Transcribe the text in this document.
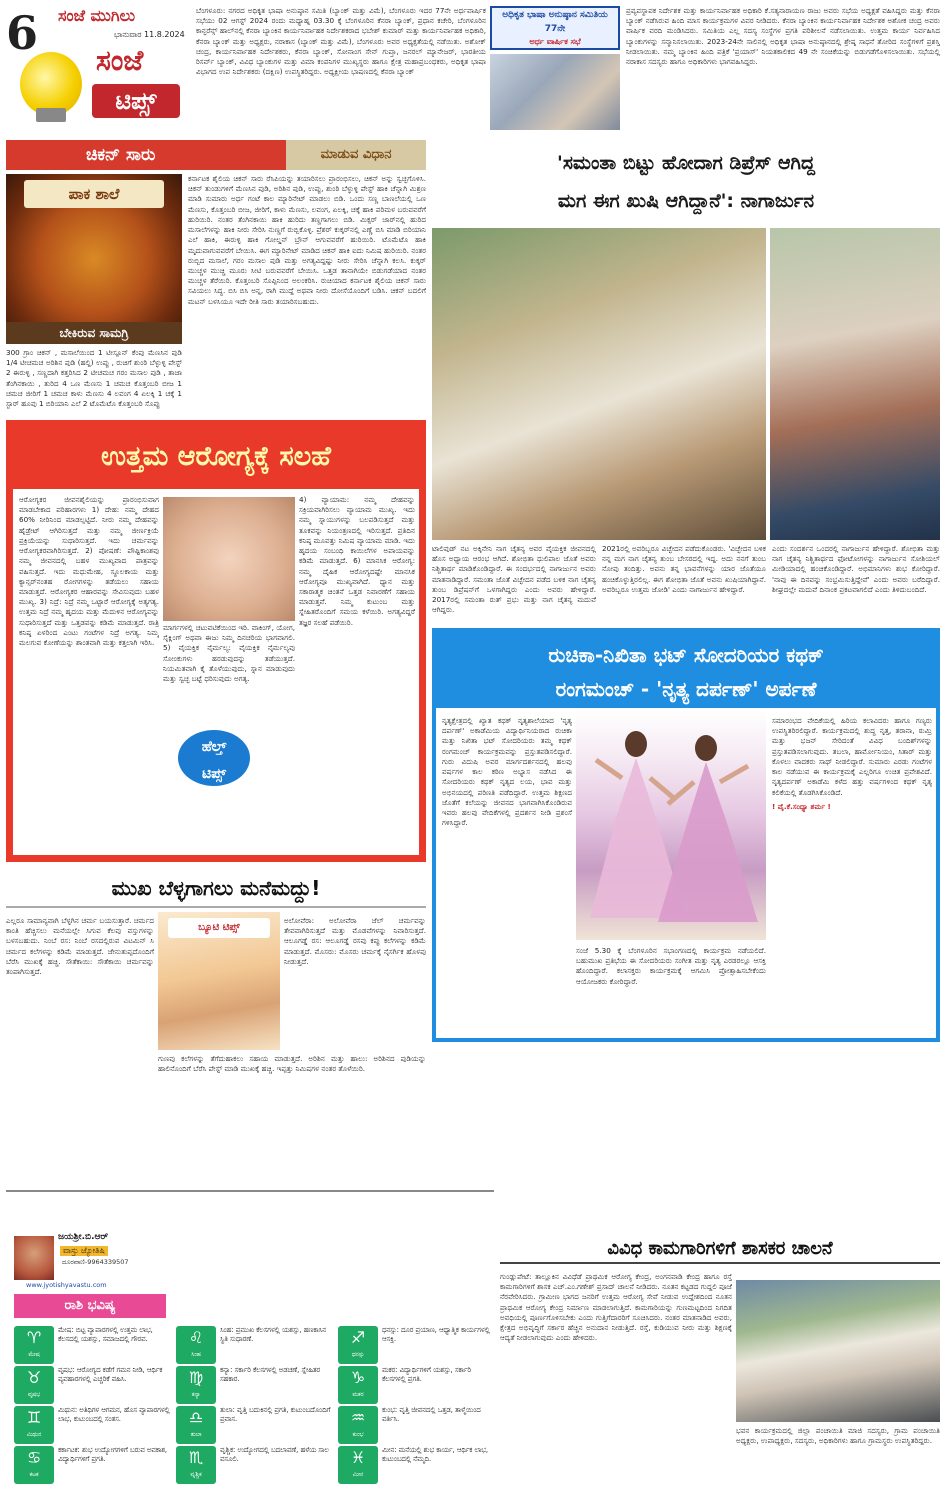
6 ಸಂಜೆ ಮುಗಿಲು
ಭಾನುವಾರ 11.8.2024
ಸಂಜೆ
ಟಿಪ್ಸ್
ಬೆಂಗಳೂರು: ನಗರದ ಅಧಿಕೃತ ಭಾಷಾ ಅನುಷ್ಠಾನ ಸಮಿತಿ (ಬ್ಯಾಂಕ್ ಮತ್ತು ವಿಮೆ), ಬೆಂಗಳೂರು ಇದರ 77ನೇ ಅರ್ಧವಾರ್ಷಿಕ ಸಭೆಯು 02 ಆಗಸ್ಟ್ 2024 ರಂದು ಮಧ್ಯಾಹ್ನ 03.30 ಕ್ಕೆ ಬೆಂಗಳೂರಿನ ಕೆನರಾ ಬ್ಯಾಂಕ್, ಪ್ರಧಾನ ಕಚೇರಿ, ಬೆಂಗಳೂರಿನ ಕಾನ್ಫರೆನ್ಸ್ ಹಾಲ್‌ನಲ್ಲಿ ಕೆನರಾ ಬ್ಯಾಂಕಿನ ಕಾರ್ಯನಿರ್ವಾಹಕ ನಿರ್ದೇಶಕರಾದ ಭಬೇಶ್ ಕುಮಾರ್ ಮತ್ತು ಕಾರ್ಯನಿರ್ವಾಹಕ ಅಧಿಕಾರಿ, ಕೆನರಾ ಬ್ಯಾಂಕ್ ಮತ್ತು ಅಧ್ಯಕ್ಷರು, ನರಾಕಾಸ (ಬ್ಯಾಂಕ್ ಮತ್ತು ವಿಮೆ), ಬೆಂಗಳೂರು ಅವರ ಅಧ್ಯಕ್ಷತೆಯಲ್ಲಿ ನಡೆಯಿತು. ಅಶೋಕ್ ಚಂದ್ರ, ಕಾರ್ಯನಿರ್ವಾಹಕ ನಿರ್ದೇಶಕರು, ಕೆನರಾ ಬ್ಯಾಂಕ್, ಸೋನಾಂಗ ಸೇನ್ ಗುಪ್ತಾ, ಜನರಲ್ ಮ್ಯಾನೇಜರ್, ಭಾರತೀಯ ರಿಸರ್ವ್ ಬ್ಯಾಂಕ್, ವಿವಿಧ ಬ್ಯಾಂಕುಗಳ ಮತ್ತು ವಿಮಾ ಕಂಪನಿಗಳ ಮುಖ್ಯಸ್ಥರು ಹಾಗೂ ಕ್ಷೇತ್ರ ಮಹಾಪ್ರಬಂಧಕರು, ಅಧಿಕೃತ ಭಾಷಾ ವಿಭಾಗದ ಉಪ ನಿರ್ದೇಶಕರು (ದಕ್ಷಿಣ) ಉಪಸ್ಥಿತರಿದ್ದರು. ಅಧ್ಯಕ್ಷೀಯ ಭಾಷಣದಲ್ಲಿ ಕೆನರಾ ಬ್ಯಾಂಕ್
ಅಧಿಕೃತ ಭಾಷಾ ಅನುಷ್ಠಾನ ಸಮಿತಿಯ 77ನೇ
ಅರ್ಧ ವಾರ್ಷಿಕ ಸಭೆ
ಪ್ರವ್ಯವಸ್ಥಾಪಕ ನಿರ್ದೇಶಕ ಮತ್ತು ಕಾರ್ಯನಿರ್ವಾಹಕ ಅಧಿಕಾರಿ ಕೆ.ಸತ್ಯನಾರಾಯಣ ರಾಜು ಅವರು ಸಭೆಯ ಅಧ್ಯಕ್ಷತೆ ವಹಿಸಿದ್ದರು ಮತ್ತು ಕೆನರಾ ಬ್ಯಾಂಕ್ ನಡೆಸಿರುವ ಹಿಂದಿ ಮಾಸ ಕಾರ್ಯಕ್ರಮಗಳ ವಿವರ ನೀಡಿದರು. ಕೆನರಾ ಬ್ಯಾಂಕಿನ ಕಾರ್ಯನಿರ್ವಾಹಕ ನಿರ್ದೇಶಕ ಅಶೋಕ ಚಂದ್ರ ಅವರು ವಾರ್ಷಿಕ ವರದಿ ಮಂಡಿಸಿದರು. ಸಮಿತಿಯ ಎಲ್ಲ ಸದಸ್ಯ ಸಂಸ್ಥೆಗಳ ಪ್ರಗತಿ ಪರಿಶೀಲನೆ ನಡೆಸಲಾಯಿತು. ಉತ್ತಮ ಕಾರ್ಯ ನಿರ್ವಹಿಸಿದ ಬ್ಯಾಂಕುಗಳನ್ನು ಸನ್ಮಾನಿಸಲಾಯಿತು. 2023-24ನೇ ಸಾಲಿನಲ್ಲಿ ಅಧಿಕೃತ ಭಾಷಾ ಅನುಷ್ಠಾನದಲ್ಲಿ ಶ್ರೇಷ್ಠ ಸಾಧನೆ ತೋರಿದ ಸಂಸ್ಥೆಗಳಿಗೆ ಪ್ರಶಸ್ತಿ ನೀಡಲಾಯಿತು. ನಮ್ಮ ಬ್ಯಾಂಕಿನ ಹಿಂದಿ ಪತ್ರಿಕೆ 'ಪ್ರಯಾಸ್' ನಿಯತಕಾಲಿಕದ 49 ನೇ ಸಂಚಿಕೆಯನ್ನು ಬಿಡುಗಡೆಗೊಳಿಸಲಾಯಿತು. ಸಭೆಯಲ್ಲಿ ನರಾಕಾಸ ಸದಸ್ಯರು ಹಾಗೂ ಅಧಿಕಾರಿಗಳು ಭಾಗವಹಿಸಿದ್ದರು.
ಚಿಕನ್ ಸಾರು	ಮಾಡುವ ವಿಧಾನ
ಪಾಕ ಶಾಲೆ
ಬೇಕಿರುವ ಸಾಮಗ್ರಿ
300 ಗ್ರಾಂ ಚಿಕನ್ , ಮಸಾಲೆಯಿಂದ 1 ಟೀಸ್ಪೂನ್ ಕೆಂಪು ಮೆಣಸಿನ ಪುಡಿ 1/4 ಟೀಚಮಚ ಅರಿಶಿನ ಪುಡಿ (ಹಲ್ದಿ) ಉಪ್ಪು , ರುಚಿಗೆ ಶುಂಠಿ ಬೆಳ್ಳುಳ್ಳಿ ಪೇಸ್ಟ್ 2 ಈರುಳ್ಳಿ , ಸಣ್ಣದಾಗಿ ಕತ್ತರಿಸಿದ 2 ಟೀಚಮಚ ಗರಂ ಮಸಾಲ ಪುಡಿ , ತಾಜಾ ತೆಂಗಿನಕಾಯಿ , ತುರಿದ 4 ಒಣ ಮೆಣಸು 1 ಚಮಚ ಕೊತ್ತಂಬರಿ ಬೀಜ 1 ಚಮಚ ಜೀರಿಗೆ 1 ಚಮಚ ಕಾಳು ಮೆಣಸು 4 ಲವಂಗ 4 ಏಲಕ್ಕಿ 1 ಚಕ್ಕೆ 1 ಸ್ಟಾರ್ ಹೂವು 1 ಬಿರಿಯಾನಿ ಎಲೆ 2 ಟೊಮೆಟೊ ಕೊತ್ತಂಬರಿ ಸೊಪ್ಪು
ಕರ್ನಾಟಕ ಶೈಲಿಯ ಚಿಕನ್ ಸಾರು ರೆಸಿಪಿಯನ್ನು ತಯಾರಿಸಲು ಪ್ರಾರಂಭಿಸಲು, ಚಿಕನ್ ಅನ್ನು ಸ್ವಚ್ಛಗೊಳಿಸಿ. ಚಿಕನ್ ತುಂಡುಗಳಿಗೆ ಮೆಣಸಿನ ಪುಡಿ, ಅರಿಶಿನ ಪುಡಿ, ಉಪ್ಪು, ಶುಂಠಿ ಬೆಳ್ಳುಳ್ಳಿ ಪೇಸ್ಟ್ ಹಾಕಿ ಚೆನ್ನಾಗಿ ಮಿಶ್ರಣ ಮಾಡಿ ಸುಮಾರು ಅರ್ಧ ಗಂಟೆ ಕಾಲ ಮ್ಯಾರಿನೇಟ್ ಮಾಡಲು ಬಿಡಿ. ಒಂದು ಸಣ್ಣ ಬಾಣಲೆಯಲ್ಲಿ ಒಣ ಮೆಣಸು, ಕೊತ್ತಂಬರಿ ಬೀಜ, ಜೀರಿಗೆ, ಕಾಳು ಮೆಣಸು, ಲವಂಗ, ಏಲಕ್ಕಿ, ಚಕ್ಕೆ ಹಾಕಿ ಪರಿಮಳ ಬರುವವರೆಗೆ ಹುರಿಯಿರಿ. ನಂತರ ತೆಂಗಿನಕಾಯಿ ಹಾಕಿ ಹುರಿದು ತಣ್ಣಗಾಗಲು ಬಿಡಿ. ಮಿಕ್ಸರ್ ಜಾರ್‌ನಲ್ಲಿ ಹುರಿದ ಮಸಾಲೆಗಳನ್ನು ಹಾಕಿ ನೀರು ಸೇರಿಸಿ ನುಣ್ಣಗೆ ರುಬ್ಬಿಕೊಳ್ಳಿ. ಪ್ರೆಶರ್ ಕುಕ್ಕರ್‌ನಲ್ಲಿ ಎಣ್ಣೆ ಬಿಸಿ ಮಾಡಿ ಬಿರಿಯಾನಿ ಎಲೆ ಹಾಕಿ, ಈರುಳ್ಳಿ ಹಾಕಿ ಗೋಲ್ಡನ್ ಬ್ರೌನ್ ಆಗುವವರೆಗೆ ಹುರಿಯಿರಿ. ಟೊಮೆಟೊ ಹಾಕಿ ಮೃದುವಾಗುವವರೆಗೆ ಬೇಯಿಸಿ. ಈಗ ಮ್ಯಾರಿನೇಟ್ ಮಾಡಿದ ಚಿಕನ್ ಹಾಕಿ ಐದು ನಿಮಿಷ ಹುರಿಯಿರಿ. ನಂತರ ರುಬ್ಬಿದ ಮಸಾಲೆ, ಗರಂ ಮಸಾಲ ಪುಡಿ ಮತ್ತು ಅಗತ್ಯವಿದ್ದಷ್ಟು ನೀರು ಸೇರಿಸಿ ಚೆನ್ನಾಗಿ ಕಲಸಿ. ಕುಕ್ಕರ್ ಮುಚ್ಚಳ ಮುಚ್ಚಿ ಮೂರು ಸೀಟಿ ಬರುವವರೆಗೆ ಬೇಯಿಸಿ. ಒತ್ತಡ ತಾನಾಗಿಯೇ ಬಿಡುಗಡೆಯಾದ ನಂತರ ಮುಚ್ಚಳ ತೆರೆಯಿರಿ. ಕೊತ್ತಂಬರಿ ಸೊಪ್ಪಿನಿಂದ ಅಲಂಕರಿಸಿ. ರುಚಿಯಾದ ಕರ್ನಾಟಕ ಶೈಲಿಯ ಚಿಕನ್ ಸಾರು ಸವಿಯಲು ಸಿದ್ಧ. ಬಿಸಿ ಬಿಸಿ ಅನ್ನ, ರಾಗಿ ಮುದ್ದೆ ಅಥವಾ ನೀರು ದೋಸೆಯೊಂದಿಗೆ ಬಡಿಸಿ. ಚಿಕನ್ ಬದಲಿಗೆ ಮಟನ್ ಬಳಸಿಯೂ ಇದೇ ರೀತಿ ಸಾರು ತಯಾರಿಸಬಹುದು.
'ಸಮಂತಾ ಬಿಟ್ಟು ಹೋದಾಗ ಡಿಪ್ರೆಸ್ ಆಗಿದ್ದ
ಮಗ ಈಗ ಖುಷಿ ಆಗಿದ್ದಾನೆ': ನಾಗಾರ್ಜುನ
ಟಾಲಿವುಡ್ ನಟ ಅಕ್ಕಿನೇನಿ ನಾಗ ಚೈತನ್ಯ ಅವರ ವೈಯಕ್ತಿಕ ಜೀವನದಲ್ಲಿ ಹೊಸ ಅಧ್ಯಾಯ ಆರಂಭ ಆಗಿದೆ. ಶೋಭಿತಾ ಧುಲಿಪಾಲ ಜೊತೆ ಅವರು ನಿಶ್ಚಿತಾರ್ಥ ಮಾಡಿಕೊಂಡಿದ್ದಾರೆ. ಈ ಸಂದರ್ಭದಲ್ಲಿ ನಾಗಾರ್ಜುನ ಅವರು ಮಾತನಾಡಿದ್ದಾರೆ. ಸಮಂತಾ ಜೊತೆ ವಿಚ್ಛೇದನ ಪಡೆದ ಬಳಿಕ ನಾಗ ಚೈತನ್ಯ ತುಂಬ ಡಿಪ್ರೆಷನ್‌ಗೆ ಒಳಗಾಗಿದ್ದರು ಎಂದು ಅವರು ಹೇಳಿದ್ದಾರೆ. 2017ರಲ್ಲಿ ಸಮಂತಾ ರುತ್ ಪ್ರಭು ಮತ್ತು ನಾಗ ಚೈತನ್ಯ ಮದುವೆ ಆಗಿದ್ದರು.
2021ರಲ್ಲಿ ಅವರಿಬ್ಬರೂ ವಿಚ್ಛೇದನ ಪಡೆದುಕೊಂಡರು. 'ವಿಚ್ಛೇದನ ಬಳಿಕ ನನ್ನ ಮಗ ನಾಗ ಚೈತನ್ಯ ತುಂಬ ಬೇಸರದಲ್ಲಿ ಇದ್ದ. ಅದು ನನಗೆ ತುಂಬ ನೋವು ತಂದಿತ್ತು. ಅವನು ತನ್ನ ಭಾವನೆಗಳನ್ನು ಯಾರ ಜೊತೆಯೂ ಹಂಚಿಕೊಳ್ಳುತ್ತಿರಲಿಲ್ಲ. ಈಗ ಶೋಭಿತಾ ಜೊತೆ ಅವನು ಖುಷಿಯಾಗಿದ್ದಾನೆ. ಅವರಿಬ್ಬರೂ ಉತ್ತಮ ಜೋಡಿ' ಎಂದು ನಾಗಾರ್ಜುನ ಹೇಳಿದ್ದಾರೆ.
ಎಂದು ಸಂದರ್ಶನ ಒಂದರಲ್ಲಿ ನಾಗಾರ್ಜುನ ಹೇಳಿದ್ದಾರೆ. ಶೋಭಿತಾ ಮತ್ತು ನಾಗ ಚೈತನ್ಯ ನಿಶ್ಚಿತಾರ್ಥದ ಫೋಟೋಗಳನ್ನು ನಾಗಾರ್ಜುನ ಸೋಶಿಯಲ್ ಮೀಡಿಯಾದಲ್ಲಿ ಹಂಚಿಕೊಂಡಿದ್ದಾರೆ. ಅಭಿಮಾನಿಗಳು ಶುಭ ಕೋರಿದ್ದಾರೆ. 'ನಾವು ಈ ದಿನವನ್ನು ಸಂಭ್ರಮಿಸುತ್ತಿದ್ದೇವೆ' ಎಂದು ಅವರು ಬರೆದಿದ್ದಾರೆ. ಶೀಘ್ರದಲ್ಲೇ ಮದುವೆ ದಿನಾಂಕ ಪ್ರಕಟವಾಗಲಿದೆ ಎಂದು ತಿಳಿದುಬಂದಿದೆ.
ಉತ್ತಮ ಆರೋಗ್ಯಕ್ಕೆ ಸಲಹೆ
ಆರೋಗ್ಯಕರ ಜೀವನಶೈಲಿಯನ್ನು ಪ್ರಾರಂಭಿಸುವಾಗ ಮಾಡಬೇಕಾದ ಪರಿಹಾರಗಳು 1) ದೇಹ: ನಮ್ಮ ದೇಹದ 60% ನೀರಿನಿಂದ ಮಾಡಲ್ಪಟ್ಟಿದೆ. ನೀರು ನಮ್ಮ ದೇಹವನ್ನು ಹೈಡ್ರೇಟ್ ಆಗಿರಿಸುತ್ತದೆ ಮತ್ತು ನಮ್ಮ ಜೀರ್ಣಕ್ರಿಯೆ ಪ್ರಕ್ರಿಯೆಯನ್ನು ಸುಧಾರಿಸುತ್ತದೆ. ಇದು ಚರ್ಮವನ್ನು ಆರೋಗ್ಯಕರವಾಗಿರಿಸುತ್ತದೆ. 2) ಪೋಷಣೆ: ಪೌಷ್ಟಿಕಾಂಶವು ನಮ್ಮ ಜೀವನದಲ್ಲಿ ಬಹಳ ಮುಖ್ಯವಾದ ಪಾತ್ರವನ್ನು ವಹಿಸುತ್ತದೆ. ಇದು ಮಧುಮೇಹ, ಸ್ಥೂಲಕಾಯ ಮತ್ತು ಕ್ಯಾನ್ಸರ್‌ನಂತಹ ರೋಗಗಳನ್ನು ತಡೆಯಲು ಸಹಾಯ ಮಾಡುತ್ತದೆ. ಆರೋಗ್ಯಕರ ಆಹಾರವನ್ನು ಸೇವಿಸುವುದು ಬಹಳ ಮುಖ್ಯ. 3) ನಿದ್ರೆ: ನಿದ್ರೆ ನಮ್ಮ ಒಟ್ಟಾರೆ ಆರೋಗ್ಯಕ್ಕೆ ಅತ್ಯಗತ್ಯ. ಉತ್ತಮ ನಿದ್ರೆ ನಮ್ಮ ಹೃದಯ ಮತ್ತು ಮೆದುಳಿನ ಆರೋಗ್ಯವನ್ನು ಸುಧಾರಿಸುತ್ತದೆ ಮತ್ತು ಒತ್ತಡವನ್ನು ಕಡಿಮೆ ಮಾಡುತ್ತದೆ. ರಾತ್ರಿ ಕನಿಷ್ಠ ಏಳರಿಂದ ಎಂಟು ಗಂಟೆಗಳ ನಿದ್ರೆ ಅಗತ್ಯ. ನಿಮ್ಮ ಮಲಗುವ ಕೋಣೆಯನ್ನು ಶಾಂತವಾಗಿ ಮತ್ತು ಕತ್ತಲಾಗಿ ಇರಿಸಿ.
ಮಾರ್ಗಗಳಲ್ಲಿ ಚಟುವಟಿಕೆಯಿಂದ ಇರಿ. ವಾಕಿಂಗ್, ಯೋಗ, ಸೈಕ್ಲಿಂಗ್ ಅಥವಾ ಈಜು ನಿಮ್ಮ ದಿನಚರಿಯ ಭಾಗವಾಗಲಿ. 5) ವೈಯಕ್ತಿಕ ನೈರ್ಮಲ್ಯ: ವೈಯಕ್ತಿಕ ನೈರ್ಮಲ್ಯವು ಸೋಂಕುಗಳು ಹರಡುವುದನ್ನು ತಡೆಯುತ್ತದೆ. ನಿಯಮಿತವಾಗಿ ಕೈ ತೊಳೆಯುವುದು, ಸ್ನಾನ ಮಾಡುವುದು ಮತ್ತು ಸ್ವಚ್ಛ ಬಟ್ಟೆ ಧರಿಸುವುದು ಅಗತ್ಯ.
ಹೆಲ್ತ್
ಟಿಪ್ಸ್
4) ವ್ಯಾಯಾಮ: ನಮ್ಮ ದೇಹವನ್ನು ಸಕ್ರಿಯವಾಗಿರಿಸಲು ವ್ಯಾಯಾಮ ಮುಖ್ಯ. ಇದು ನಮ್ಮ ಸ್ನಾಯುಗಳನ್ನು ಬಲಪಡಿಸುತ್ತದೆ ಮತ್ತು ತೂಕವನ್ನು ನಿಯಂತ್ರಣದಲ್ಲಿ ಇರಿಸುತ್ತದೆ. ಪ್ರತಿದಿನ ಕನಿಷ್ಠ ಮೂವತ್ತು ನಿಮಿಷ ವ್ಯಾಯಾಮ ಮಾಡಿ. ಇದು ಹೃದಯ ಸಂಬಂಧಿ ಕಾಯಿಲೆಗಳ ಅಪಾಯವನ್ನು ಕಡಿಮೆ ಮಾಡುತ್ತದೆ. 6) ಮಾನಸಿಕ ಆರೋಗ್ಯ: ನಮ್ಮ ದೈಹಿಕ ಆರೋಗ್ಯದಷ್ಟೇ ಮಾನಸಿಕ ಆರೋಗ್ಯವೂ ಮುಖ್ಯವಾಗಿದೆ. ಧ್ಯಾನ ಮತ್ತು ಸಕಾರಾತ್ಮಕ ಚಿಂತನೆ ಒತ್ತಡ ನಿವಾರಣೆಗೆ ಸಹಾಯ ಮಾಡುತ್ತವೆ. ನಿಮ್ಮ ಕುಟುಂಬ ಮತ್ತು ಸ್ನೇಹಿತರೊಂದಿಗೆ ಸಮಯ ಕಳೆಯಿರಿ. ಅಗತ್ಯವಿದ್ದರೆ ತಜ್ಞರ ಸಲಹೆ ಪಡೆಯಿರಿ.
ರುಚಿಕಾ-ನಿಖಿತಾ ಭಟ್ ಸೋದರಿಯರ ಕಥಕ್
ರಂಗಮಂಚ್ - 'ನೃತ್ಯ ದರ್ಪಣ್' ಅರ್ಪಣೆ
ನೃತ್ಯಕ್ಷೇತ್ರದಲ್ಲಿ ಖ್ಯಾತ ಕಥಕ್ ನೃತ್ಯಶಾಲೆಯಾದ 'ನೃತ್ಯ ದರ್ಪಣ್' ಅಕಾಡೆಮಿಯ ವಿದ್ಯಾರ್ಥಿನಿಯರಾದ ರುಚಿಕಾ ಮತ್ತು ನಿಖಿತಾ ಭಟ್ ಸೋದರಿಯರು ತಮ್ಮ ಕಥಕ್ ರಂಗಮಂಚ್ ಕಾರ್ಯಕ್ರಮವನ್ನು ಪ್ರಸ್ತುತಪಡಿಸಲಿದ್ದಾರೆ. ಗುರು ವಿದುಷಿ ಅವರ ಮಾರ್ಗದರ್ಶನದಲ್ಲಿ ಹಲವು ವರ್ಷಗಳ ಕಾಲ ಕಠಿಣ ಅಭ್ಯಾಸ ನಡೆಸಿದ ಈ ಸೋದರಿಯರು ಕಥಕ್ ನೃತ್ಯದ ಲಯ, ಭಾವ ಮತ್ತು ಅಭಿನಯದಲ್ಲಿ ಪರಿಣತಿ ಪಡೆದಿದ್ದಾರೆ. ಉತ್ತಮ ಶಿಕ್ಷಣದ ಜೊತೆಗೆ ಕಲೆಯನ್ನು ಜೀವನದ ಭಾಗವಾಗಿಸಿಕೊಂಡಿರುವ ಇವರು ಹಲವು ವೇದಿಕೆಗಳಲ್ಲಿ ಪ್ರದರ್ಶನ ನೀಡಿ ಪ್ರಶಂಸೆ ಗಳಿಸಿದ್ದಾರೆ.
ಸಂಜೆ 5.30 ಕ್ಕೆ ಬೆಂಗಳೂರಿನ ಸಭಾಂಗಣದಲ್ಲಿ ಕಾರ್ಯಕ್ರಮ ನಡೆಯಲಿದೆ. ಬಹುಮುಖ ಪ್ರತಿಭೆಯ ಈ ಸೋದರಿಯರು ಸಂಗೀತ ಮತ್ತು ನೃತ್ಯ ಎರಡರಲ್ಲೂ ಆಸಕ್ತಿ ಹೊಂದಿದ್ದಾರೆ. ಕಲಾಸಕ್ತರು ಕಾರ್ಯಕ್ರಮಕ್ಕೆ ಆಗಮಿಸಿ ಪ್ರೋತ್ಸಾಹಿಸಬೇಕೆಂದು ಆಯೋಜಕರು ಕೋರಿದ್ದಾರೆ.
ಸಮಾರಂಭದ ವೇದಿಕೆಯಲ್ಲಿ ಹಿರಿಯ ಕಲಾವಿದರು ಹಾಗೂ ಗಣ್ಯರು ಉಪಸ್ಥಿತರಿರಲಿದ್ದಾರೆ. ಕಾರ್ಯಕ್ರಮದಲ್ಲಿ ಶುದ್ಧ ನೃತ್ತ, ತರಾನಾ, ಠುಮ್ರಿ ಮತ್ತು ಭಜನ್ ಸೇರಿದಂತೆ ವಿವಿಧ ಬಂದಿಶ್‌ಗಳನ್ನು ಪ್ರಸ್ತುತಪಡಿಸಲಾಗುವುದು. ತಬಲಾ, ಹಾರ್ಮೋನಿಯಂ, ಸಿತಾರ್ ಮತ್ತು ಕೊಳಲು ವಾದಕರು ಸಾಥ್ ನೀಡಲಿದ್ದಾರೆ. ಸುಮಾರು ಎರಡು ಗಂಟೆಗಳ ಕಾಲ ನಡೆಯುವ ಈ ಕಾರ್ಯಕ್ರಮಕ್ಕೆ ಎಲ್ಲರಿಗೂ ಉಚಿತ ಪ್ರವೇಶವಿದೆ. ನೃತ್ಯದರ್ಪಣ್ ಅಕಾಡೆಮಿ ಕಳೆದ ಹತ್ತು ವರ್ಷಗಳಿಂದ ಕಥಕ್ ನೃತ್ಯ ಕಲಿಕೆಯಲ್ಲಿ ತೊಡಗಿಸಿಕೊಂಡಿದೆ.
! ವೈ.ಕೆ.ಸಂಧ್ಯಾ ಶರ್ಮ !
ಮುಖ ಬೆಳ್ಳಗಾಗಲು ಮನೆಮದ್ದು!
ಎಲ್ಲರೂ ಸಾಮಾನ್ಯವಾಗಿ ಬೆಳ್ಳಗಿನ ಚರ್ಮ ಬಯಸುತ್ತಾರೆ. ಚರ್ಮದ ಕಾಂತಿ ಹೆಚ್ಚಿಸಲು ಮನೆಯಲ್ಲೇ ಸಿಗುವ ಕೆಲವು ವಸ್ತುಗಳನ್ನು ಬಳಸಬಹುದು. ನಿಂಬೆ ರಸ: ನಿಂಬೆ ರಸದಲ್ಲಿರುವ ವಿಟಮಿನ್ ಸಿ ಚರ್ಮದ ಕಲೆಗಳನ್ನು ಕಡಿಮೆ ಮಾಡುತ್ತದೆ. ಜೇನುತುಪ್ಪದೊಂದಿಗೆ ಬೆರೆಸಿ ಮುಖಕ್ಕೆ ಹಚ್ಚಿ. ಸೌತೆಕಾಯಿ: ಸೌತೆಕಾಯಿ ಚರ್ಮವನ್ನು ತಂಪಾಗಿಸುತ್ತದೆ.
ಬ್ಯೂಟಿ ಟಿಪ್ಸ್
ಅಲೋವೆರಾ: ಅಲೋವೆರಾ ಜೆಲ್ ಚರ್ಮವನ್ನು ತೇವವಾಗಿರಿಸುತ್ತದೆ ಮತ್ತು ಮೊಡವೆಗಳನ್ನು ನಿವಾರಿಸುತ್ತದೆ. ಆಲೂಗಡ್ಡೆ ರಸ: ಆಲೂಗಡ್ಡೆ ರಸವು ಕಪ್ಪು ಕಲೆಗಳನ್ನು ಕಡಿಮೆ ಮಾಡುತ್ತದೆ. ಮೊಸರು: ಮೊಸರು ಚರ್ಮಕ್ಕೆ ನೈಸರ್ಗಿಕ ಹೊಳಪು ನೀಡುತ್ತದೆ.
ಗುಣವು ಕಲೆಗಳನ್ನು ತೆಗೆದುಹಾಕಲು ಸಹಾಯ ಮಾಡುತ್ತದೆ. ಅರಿಶಿನ ಮತ್ತು ಹಾಲು: ಅರಿಶಿನದ ಪುಡಿಯನ್ನು ಹಾಲಿನೊಂದಿಗೆ ಬೆರೆಸಿ ಪೇಸ್ಟ್ ಮಾಡಿ ಮುಖಕ್ಕೆ ಹಚ್ಚಿ. ಇಪ್ಪತ್ತು ನಿಮಿಷಗಳ ನಂತರ ತೊಳೆಯಿರಿ.
ಜಯಶ್ರೀ.ಬಿ.ಆರ್
ವಾಸ್ತು ಜ್ಯೋತಿಷಿ
ದೂರವಾಣಿ-9964339507
www.jyotishyavastu.com
ರಾಶಿ ಭವಿಷ್ಯ
♈
ಮೇಷ
ಮೇಷ: ಬಿಟ್ಟ ವ್ಯಾಪಾರಗಳಲ್ಲಿ ಉತ್ತಮ ಲಾಭ, ಕೆಲಸದಲ್ಲಿ ಯಶಸ್ಸು, ಸಮಾಜದಲ್ಲಿ ಗೌರವ.
♉
ವೃಷಭ
ವೃಷಭ: ಆರೋಗ್ಯದ ಕಡೆಗೆ ಗಮನ ನೀಡಿ, ಆರ್ಥಿಕ ವ್ಯವಹಾರಗಳಲ್ಲಿ ಎಚ್ಚರಿಕೆ ವಹಿಸಿ.
♊
ಮಿಥುನ
ಮಿಥುನ: ಅತಿಥಿಗಳ ಆಗಮನ, ಹೊಸ ವ್ಯಾಪಾರಗಳಲ್ಲಿ ಲಾಭ, ಕುಟುಂಬದಲ್ಲಿ ಸಂತಸ.
♋
ಕಟಕ
ಕರ್ಕಾಟಕ: ಶುಭ ಉದ್ಯೋಗಗಳಿಗೆ ಬರುವ ಅವಕಾಶ, ವಿದ್ಯಾರ್ಥಿಗಳಿಗೆ ಪ್ರಗತಿ.
♌
ಸಿಂಹ
ಸಿಂಹ: ಪ್ರಮುಖ ಕೆಲಸಗಳಲ್ಲಿ ಯಶಸ್ಸು, ಹಣಕಾಸಿನ ಸ್ಥಿತಿ ಸುಧಾರಣೆ.
♍
ಕನ್ಯಾ
ಕನ್ಯಾ: ಸರ್ಕಾರಿ ಕೆಲಸಗಳಲ್ಲಿ ಅಡಚಣೆ, ಸ್ನೇಹಿತರ ಸಹಕಾರ.
♎
ತುಲಾ
ತುಲಾ: ವೃತ್ತಿ ಬದುಕಿನಲ್ಲಿ ಪ್ರಗತಿ, ಕುಟುಂಬದೊಂದಿಗೆ ಪ್ರವಾಸ.
♏
ವೃಶ್ಚಿಕ
ವೃಶ್ಚಿಕ: ಉದ್ಯೋಗದಲ್ಲಿ ಬದಲಾವಣೆ, ಹಳೆಯ ಸಾಲ ವಸೂಲಿ.
♐
ಧನಸ್ಸು
ಧನಸ್ಸು: ದೂರ ಪ್ರಯಾಣ, ಆಧ್ಯಾತ್ಮಿಕ ಕಾರ್ಯಗಳಲ್ಲಿ ಆಸಕ್ತಿ.
♑
ಮಕರ
ಮಕರ: ವಿದ್ಯಾರ್ಥಿಗಳಿಗೆ ಯಶಸ್ಸು, ಸರ್ಕಾರಿ ಕೆಲಸಗಳಲ್ಲಿ ಪ್ರಗತಿ.
♒
ಕುಂಭ
ಕುಂಭ: ವೃತ್ತಿ ಜೀವನದಲ್ಲಿ ಒತ್ತಡ, ತಾಳ್ಮೆಯಿಂದ ವರ್ತಿಸಿ.
♓
ಮೀನ
ಮೀನ: ಮನೆಯಲ್ಲಿ ಶುಭ ಕಾರ್ಯ, ಆರ್ಥಿಕ ಲಾಭ, ಕುಟುಂಬದಲ್ಲಿ ನೆಮ್ಮದಿ.
ವಿವಿಧ ಕಾಮಗಾರಿಗಳಿಗೆ ಶಾಸಕರ ಚಾಲನೆ
ಗುಂಡ್ಲುಪೇಟೆ: ತಾಲ್ಲೂಕಿನ ವಿವಿಧೆಡೆ ಪ್ರಾಥಮಿಕ ಆರೋಗ್ಯ ಕೇಂದ್ರ, ಅಂಗನವಾಡಿ ಕೇಂದ್ರ ಹಾಗೂ ರಸ್ತೆ ಕಾಮಗಾರಿಗಳಿಗೆ ಶಾಸಕ ಎಚ್.ಎಂ.ಗಣೇಶ್ ಪ್ರಸಾದ್ ಚಾಲನೆ ನೀಡಿದರು. ನೂತನ ಕಟ್ಟಡದ ಗುದ್ದಲಿ ಪೂಜೆ ನೆರವೇರಿಸಿದರು. ಗ್ರಾಮೀಣ ಭಾಗದ ಜನರಿಗೆ ಉತ್ತಮ ಆರೋಗ್ಯ ಸೇವೆ ನೀಡುವ ಉದ್ದೇಶದಿಂದ ನೂತನ ಪ್ರಾಥಮಿಕ ಆರೋಗ್ಯ ಕೇಂದ್ರ ನಿರ್ಮಾಣ ಮಾಡಲಾಗುತ್ತಿದೆ. ಕಾಮಗಾರಿಯನ್ನು ಗುಣಮಟ್ಟದಿಂದ ನಿಗದಿತ ಅವಧಿಯಲ್ಲಿ ಪೂರ್ಣಗೊಳಿಸಬೇಕು ಎಂದು ಗುತ್ತಿಗೆದಾರರಿಗೆ ಸೂಚಿಸಿದರು. ನಂತರ ಮಾತನಾಡಿದ ಅವರು, ಕ್ಷೇತ್ರದ ಅಭಿವೃದ್ಧಿಗೆ ಸರ್ಕಾರ ಹೆಚ್ಚಿನ ಅನುದಾನ ನೀಡುತ್ತಿದೆ. ರಸ್ತೆ, ಕುಡಿಯುವ ನೀರು ಮತ್ತು ಶಿಕ್ಷಣಕ್ಕೆ ಆದ್ಯತೆ ನೀಡಲಾಗುವುದು ಎಂದು ಹೇಳಿದರು.
ಭವನ ಕಾರ್ಯಕ್ರಮದಲ್ಲಿ ಜಿಲ್ಲಾ ಪಂಚಾಯಿತಿ ಮಾಜಿ ಸದಸ್ಯರು, ಗ್ರಾಮ ಪಂಚಾಯಿತಿ ಅಧ್ಯಕ್ಷರು, ಉಪಾಧ್ಯಕ್ಷರು, ಸದಸ್ಯರು, ಅಧಿಕಾರಿಗಳು ಹಾಗೂ ಗ್ರಾಮಸ್ಥರು ಉಪಸ್ಥಿತರಿದ್ದರು.
